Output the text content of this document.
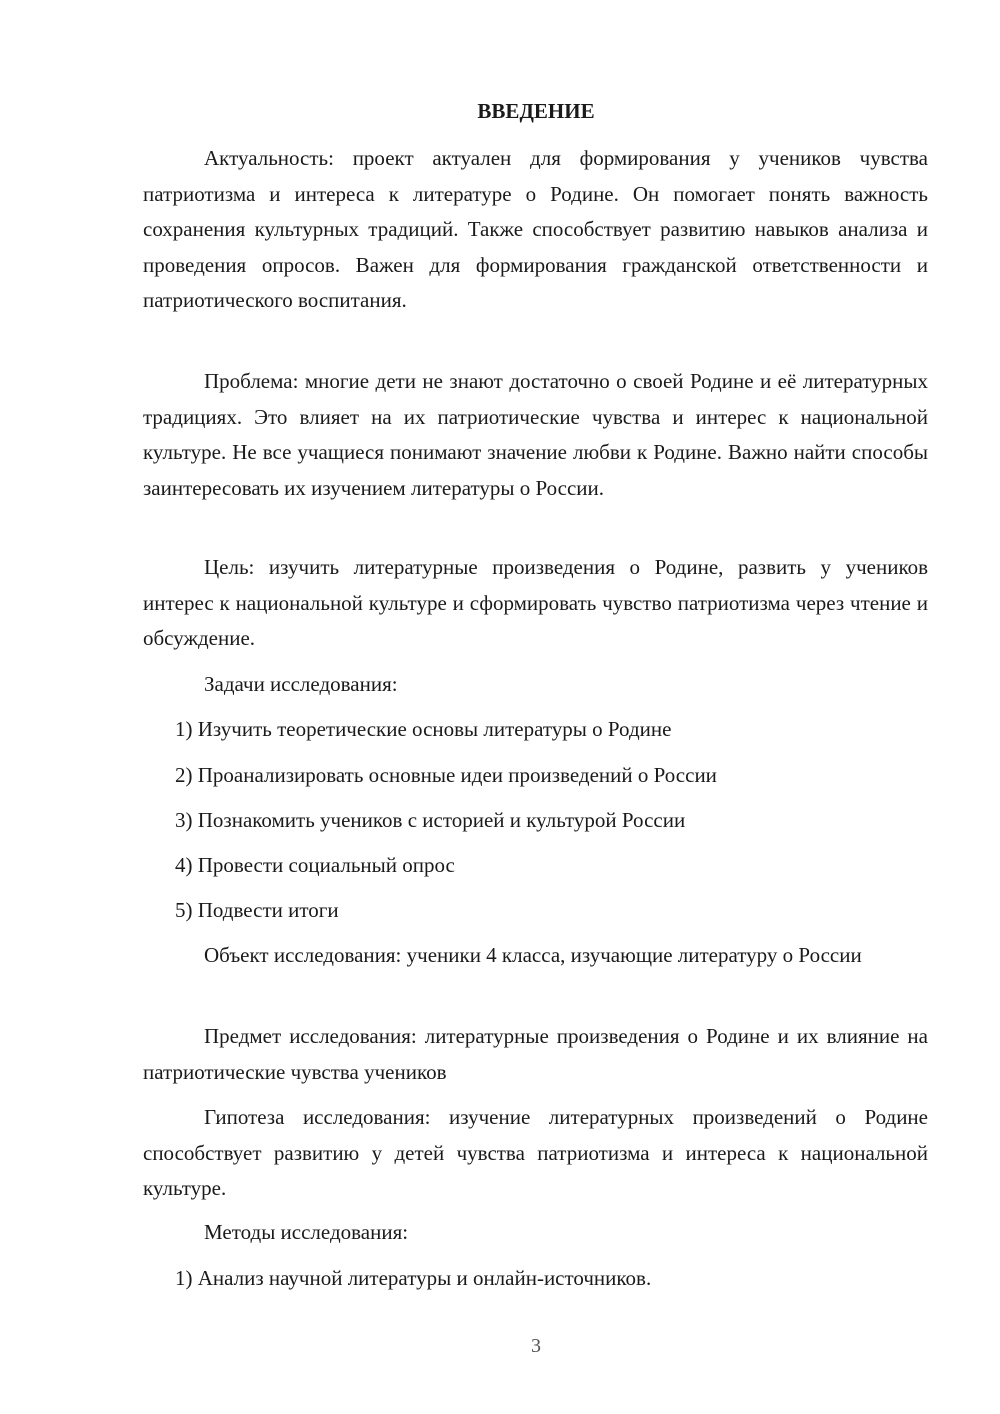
ВВЕДЕНИЕ
Актуальность: проект актуален для формирования у учеников чувства патриотизма и интереса к литературе о Родине. Он помогает понять важность сохранения культурных традиций. Также способствует развитию навыков анализа и проведения опросов. Важен для формирования гражданской ответственности и патриотического воспитания.
Проблема: многие дети не знают достаточно о своей Родине и её литературных традициях. Это влияет на их патриотические чувства и интерес к национальной культуре. Не все учащиеся понимают значение любви к Родине. Важно найти способы заинтересовать их изучением литературы о России.
Цель: изучить литературные произведения о Родине, развить у учеников интерес к национальной культуре и сформировать чувство патриотизма через чтение и обсуждение.
Задачи исследования:
1) Изучить теоретические основы литературы о Родине
2) Проанализировать основные идеи произведений о России
3) Познакомить учеников с историей и культурой России
4) Провести социальный опрос
5) Подвести итоги
Объект исследования: ученики 4 класса, изучающие литературу о России
Предмет исследования: литературные произведения о Родине и их влияние на патриотические чувства учеников
Гипотеза исследования: изучение литературных произведений о Родине способствует развитию у детей чувства патриотизма и интереса к национальной культуре.
Методы исследования:
1) Анализ научной литературы и онлайн-источников.
3
